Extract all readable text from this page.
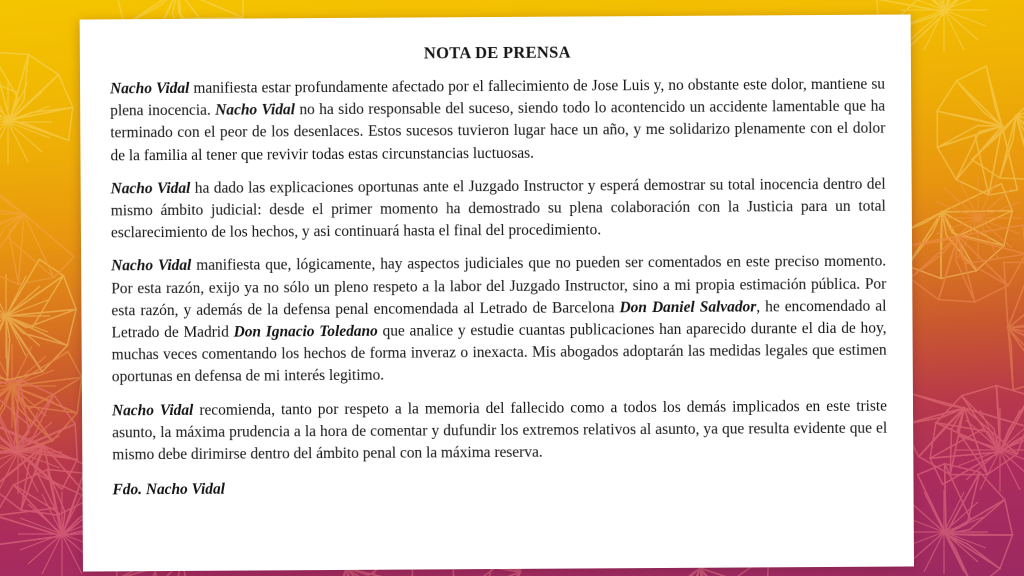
NOTA DE PRENSA

Nacho Vidal manifiesta estar profundamente afectado por el fallecimiento de Jose Luis y, no obstante este dolor, mantiene su plena inocencia. Nacho Vidal no ha sido responsable del suceso, siendo todo lo acontencido un accidente lamentable que ha terminado con el peor de los desenlaces. Estos sucesos tuvieron lugar hace un año, y me solidarizo plenamente con el dolor de la familia al tener que revivir todas estas circunstancias luctuosas.

Nacho Vidal ha dado las explicaciones oportunas ante el Juzgado Instructor y esperá demostrar su total inocencia dentro del mismo ámbito judicial: desde el primer momento ha demostrado su plena colaboración con la Justicia para un total esclarecimiento de los hechos, y asi continuará hasta el final del procedimiento.

Nacho Vidal manifiesta que, lógicamente, hay aspectos judiciales que no pueden ser comentados en este preciso momento. Por esta razón, exijo ya no sólo un pleno respeto a la labor del Juzgado Instructor, sino a mi propia estimación pública. Por esta razón, y además de la defensa penal encomendada al Letrado de Barcelona Don Daniel Salvador, he encomendado al Letrado de Madrid Don Ignacio Toledano que analice y estudie cuantas publicaciones han aparecido durante el dia de hoy, muchas veces comentando los hechos de forma inveraz o inexacta. Mis abogados adoptarán las medidas legales que estimen oportunas en defensa de mi interés legitimo.

Nacho Vidal recomienda, tanto por respeto a la memoria del fallecido como a todos los demás implicados en este triste asunto, la máxima prudencia a la hora de comentar y dufundir los extremos relativos al asunto, ya que resulta evidente que el mismo debe dirimirse dentro del ámbito penal con la máxima reserva.

Fdo. Nacho Vidal
